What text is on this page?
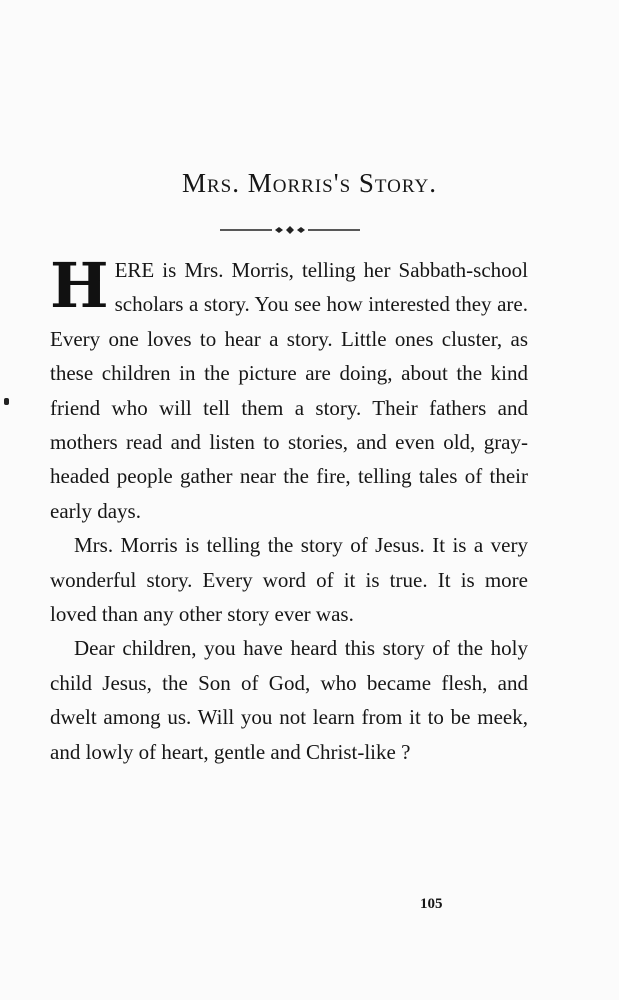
Mrs. Morris's Story.

HERE is Mrs. Morris, telling her Sabbath-school scholars a story. You see how interested they are. Every one loves to hear a story. Little ones cluster, as these children in the picture are doing, about the kind friend who will tell them a story. Their fathers and mothers read and listen to stories, and even old, gray-headed people gather near the fire, telling tales of their early days.

Mrs. Morris is telling the story of Jesus. It is a very wonderful story. Every word of it is true. It is more loved than any other story ever was.

Dear children, you have heard this story of the holy child Jesus, the Son of God, who became flesh, and dwelt among us. Will you not learn from it to be meek, and lowly of heart, gentle and Christ-like ?

105
